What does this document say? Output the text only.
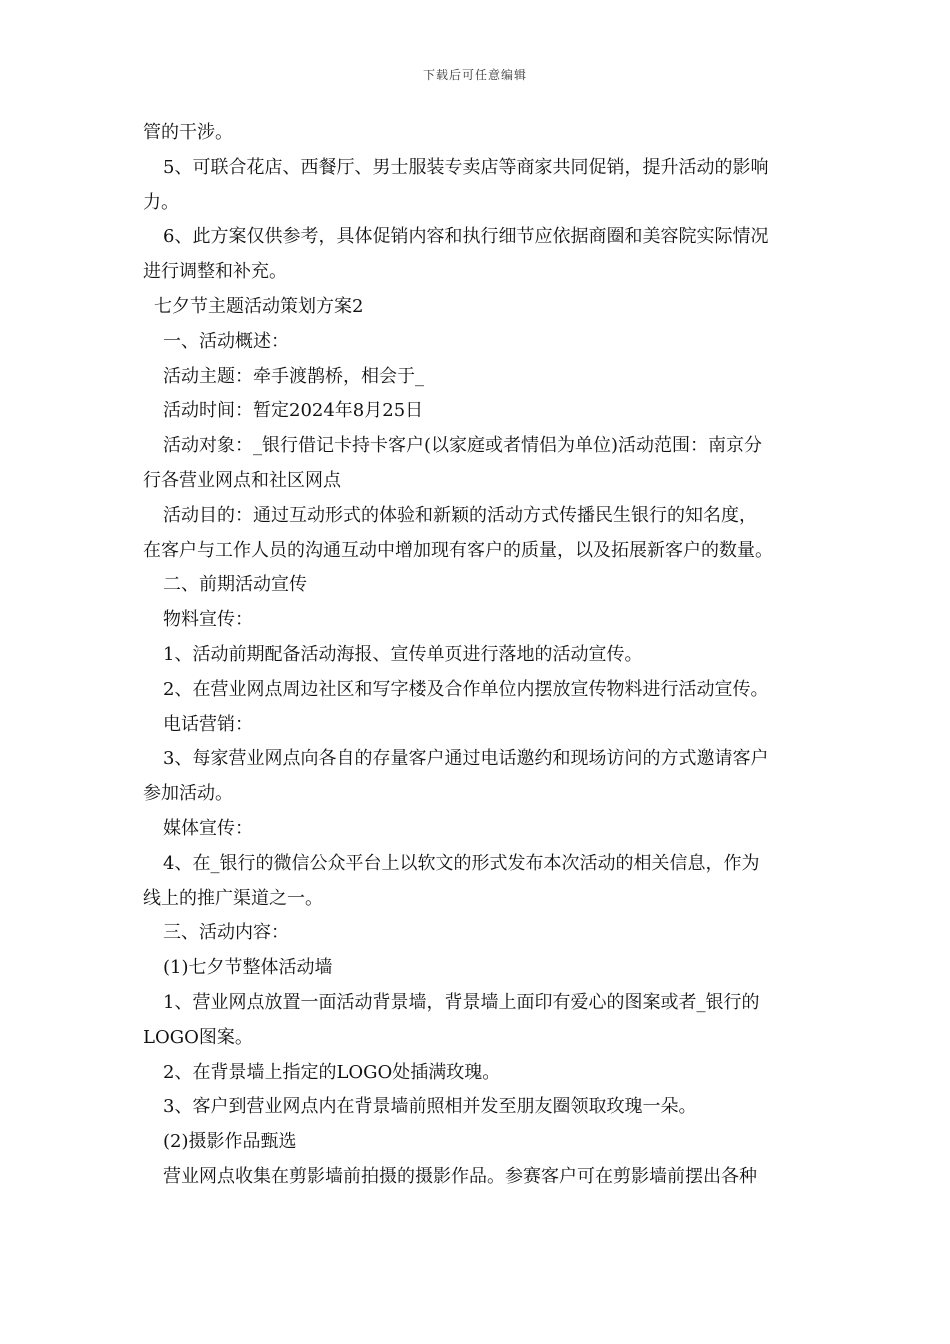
下载后可任意编辑
管的干涉。
5、可联合花店、西餐厅、男士服装专卖店等商家共同促销，提升活动的影响
力。
6、此方案仅供参考，具体促销内容和执行细节应依据商圈和美容院实际情况
进行调整和补充。
七夕节主题活动策划方案2
一、活动概述：
活动主题：牵手渡鹊桥，相会于_
活动时间：暂定2024年8月25日
活动对象：_银行借记卡持卡客户(以家庭或者情侣为单位)活动范围：南京分
行各营业网点和社区网点
活动目的：通过互动形式的体验和新颖的活动方式传播民生银行的知名度，
在客户与工作人员的沟通互动中增加现有客户的质量，以及拓展新客户的数量。
二、前期活动宣传
物料宣传：
1、活动前期配备活动海报、宣传单页进行落地的活动宣传。
2、在营业网点周边社区和写字楼及合作单位内摆放宣传物料进行活动宣传。
电话营销：
3、每家营业网点向各自的存量客户通过电话邀约和现场访问的方式邀请客户
参加活动。
媒体宣传：
4、在_银行的微信公众平台上以软文的形式发布本次活动的相关信息，作为
线上的推广渠道之一。
三、活动内容：
(1)七夕节整体活动墙
1、营业网点放置一面活动背景墙，背景墙上面印有爱心的图案或者_银行的
LOGO图案。
2、在背景墙上指定的LOGO处插满玫瑰。
3、客户到营业网点内在背景墙前照相并发至朋友圈领取玫瑰一朵。
(2)摄影作品甄选
营业网点收集在剪影墙前拍摄的摄影作品。参赛客户可在剪影墙前摆出各种
